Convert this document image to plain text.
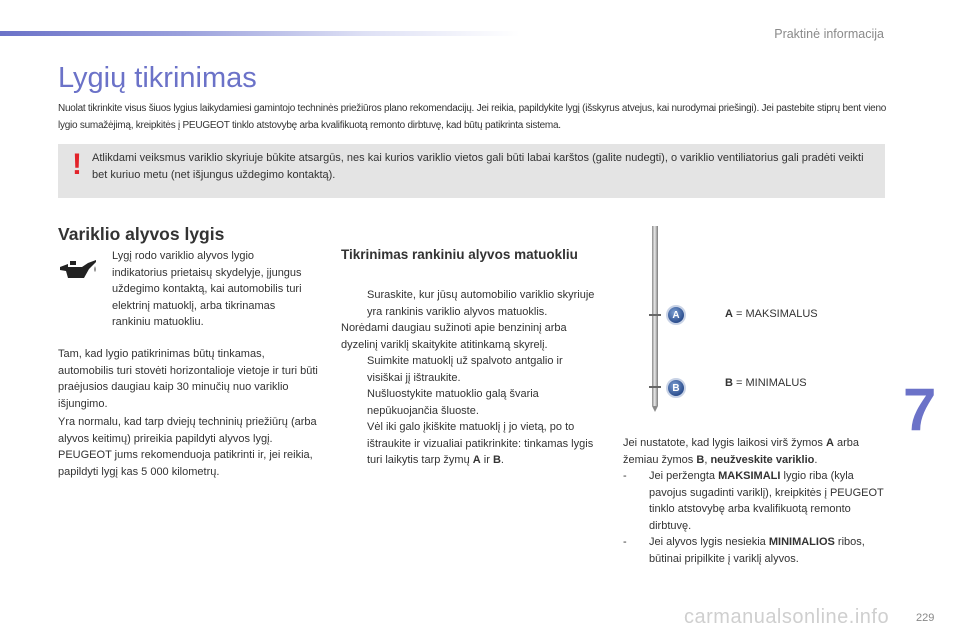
Praktinė informacija
Lygių tikrinimas

Nuolat tikrinkite visus šiuos lygius laikydamiesi gamintojo techninės priežiūros plano rekomendacijų. Jei reikia, papildykite lygį (išskyrus atvejus, kai nurodymai priešingi). Jei pastebite stiprų bent vieno lygio sumažėjimą, kreipkitės į PEUGEOT tinklo atstovybę arba kvalifikuotą remonto dirbtuvę, kad būtų patikrinta sistema.

! Atlikdami veiksmus variklio skyriuje būkite atsargūs, nes kai kurios variklio vietos gali būti labai karštos (galite nudegti), o variklio ventiliatorius gali pradėti veikti bet kuriuo metu (net išjungus uždegimo kontaktą).

Variklio alyvos lygis

Lygį rodo variklio alyvos lygio indikatorius prietaisų skydelyje, įjungus uždegimo kontaktą, kai automobilis turi elektrinį matuoklį, arba tikrinamas rankiniu matuokliu.

Tam, kad lygio patikrinimas būtų tinkamas, automobilis turi stovėti horizontalioje vietoje ir turi būti praėjusios daugiau kaip 30 minučių nuo variklio išjungimo.

Yra normalu, kad tarp dviejų techninių priežiūrų (arba alyvos keitimų) prireikia papildyti alyvos lygį. PEUGEOT jums rekomenduoja patikrinti ir, jei reikia, papildyti lygį kas 5 000 kilometrų.

Tikrinimas rankiniu alyvos matuokliu
Suraskite, kur jūsų automobilio variklio skyriuje yra rankinis variklio alyvos matuoklis.
Norėdami daugiau sužinoti apie benzininį arba dyzelinį variklį skaitykite atitinkamą skyrelį.
Suimkite matuoklį už spalvoto antgalio ir visiškai jį ištraukite.
Nušluostykite matuoklio galą švaria nepūkuojančia šluoste.
Vėl iki galo įkiškite matuoklį į jo vietą, po to ištraukite ir vizualiai patikrinkite: tinkamas lygis turi laikytis tarp žymų A ir B.
A
B
A = MAKSIMALUS
B = MINIMALUS

Jei nustatote, kad lygis laikosi virš žymos A arba žemiau žymos B, neužveskite variklio.

- Jei peržengta MAKSIMALI lygio riba (kyla pavojus sugadinti variklį), kreipkitės į PEUGEOT tinklo atstovybę arba kvalifikuotą remonto dirbtuvę.
- Jei alyvos lygis nesiekia MINIMALIOS ribos, būtinai pripilkite į variklį alyvos.
7
carmanualsonline.info 229
